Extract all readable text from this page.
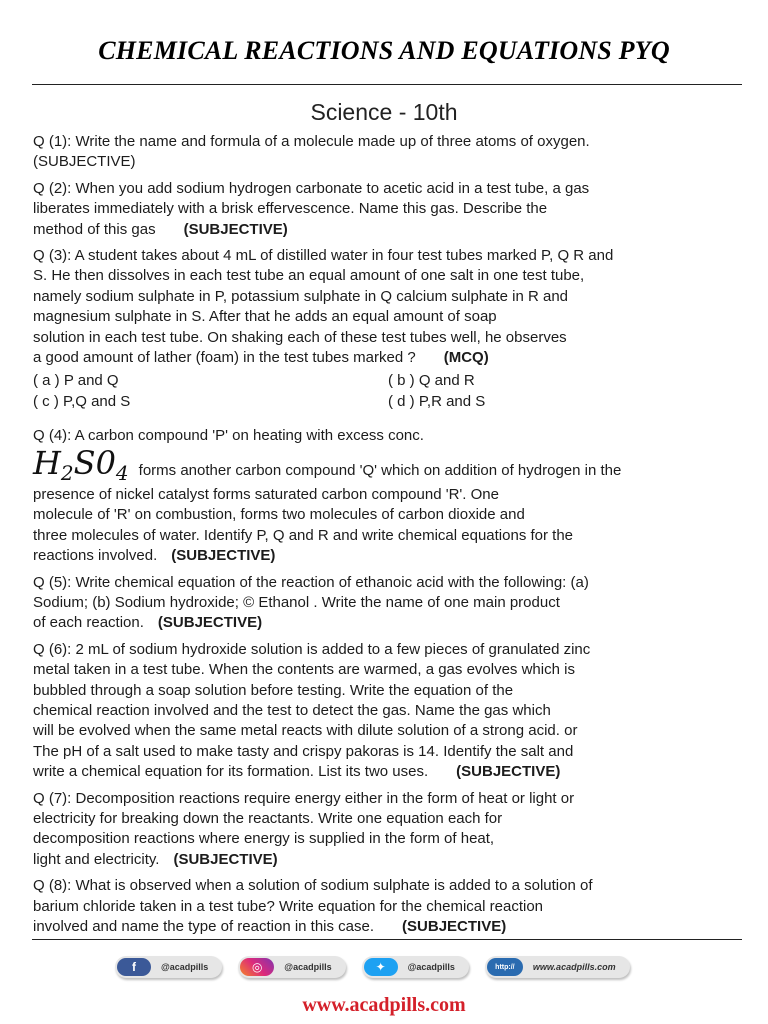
CHEMICAL REACTIONS AND EQUATIONS PYQ
Science - 10th
Q (1): Write the name and formula of a molecule made up of three atoms of oxygen.
(SUBJECTIVE)
Q (2): When you add sodium hydrogen carbonate to acetic acid in a test tube, a gas
liberates immediately with a brisk effervescence. Name this gas. Describe the
method of this gas (SUBJECTIVE)
Q (3): A student takes about 4 mL of distilled water in four test tubes marked P, Q R and
S. He then dissolves in each test tube an equal amount of one salt in one test tube,
namely sodium sulphate in P, potassium sulphate in Q calcium sulphate in R and
magnesium sulphate in S. After that he adds an equal amount of soap
solution in each test tube. On shaking each of these test tubes well, he observes
a good amount of lather (foam) in the test tubes marked ? (MCQ)
( a ) P and Q	( b ) Q and R
( c ) P,Q and S	( d ) P,R and S
Q (4): A carbon compound 'P' on heating with excess conc.
H2S04 forms another carbon compound 'Q' which on addition of hydrogen in the
presence of nickel catalyst forms saturated carbon compound 'R'. One
molecule of 'R' on combustion, forms two molecules of carbon dioxide and
three molecules of water. Identify P, Q and R and write chemical equations for the
reactions involved. (SUBJECTIVE)
Q (5): Write chemical equation of the reaction of ethanoic acid with the following: (a)
Sodium; (b) Sodium hydroxide; © Ethanol . Write the name of one main product
of each reaction. (SUBJECTIVE)
Q (6): 2 mL of sodium hydroxide solution is added to a few pieces of granulated zinc
metal taken in a test tube. When the contents are warmed, a gas evolves which is
bubbled through a soap solution before testing. Write the equation of the
chemical reaction involved and the test to detect the gas. Name the gas which
will be evolved when the same metal reacts with dilute solution of a strong acid. or
The pH of a salt used to make tasty and crispy pakoras is 14. Identify the salt and
write a chemical equation for its formation. List its two uses. (SUBJECTIVE)
Q (7): Decomposition reactions require energy either in the form of heat or light or
electricity for breaking down the reactants. Write one equation each for
decomposition reactions where energy is supplied in the form of heat,
light and electricity. (SUBJECTIVE)
Q (8): What is observed when a solution of sodium sulphate is added to a solution of
barium chloride taken in a test tube? Write equation for the chemical reaction
involved and name the type of reaction in this case. (SUBJECTIVE)
f	@acadpills	◎	@acadpills	✦	@acadpills	http://	www.acadpills.com
www.acadpills.com
